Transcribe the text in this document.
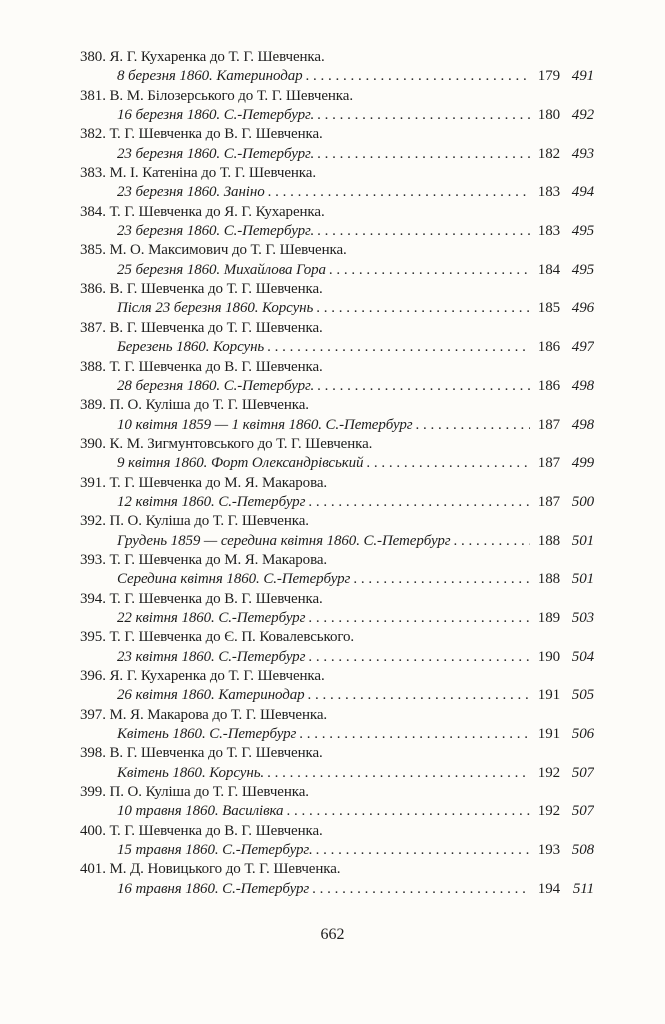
380. Я. Г. Кухаренка до Т. Г. Шевченка.
8 березня 1860. Катеринодар . . .	179 491
381. В. М. Білозерського до Т. Г. Шевченка.
16 березня 1860. С.-Петербург. . . .	180 492
382. Т. Г. Шевченка до В. Г. Шевченка.
23 березня 1860. С.-Петербург. . . .	182 493
383. М. І. Катеніна до Т. Г. Шевченка.
23 березня 1860. Заніно . . .	183 494
384. Т. Г. Шевченка до Я. Г. Кухаренка.
23 березня 1860. С.-Петербург. . . .	183 495
385. М. О. Максимович до Т. Г. Шевченка.
25 березня 1860. Михайлова Гора . . .	184 495
386. В. Г. Шевченка до Т. Г. Шевченка.
Після 23 березня 1860. Корсунь . . .	185 496
387. В. Г. Шевченка до Т. Г. Шевченка.
Березень 1860. Корсунь . . .	186 497
388. Т. Г. Шевченка до В. Г. Шевченка.
28 березня 1860. С.-Петербург. . . .	186 498
389. П. О. Куліша до Т. Г. Шевченка.
10 квітня 1859 — 1 квітня 1860. С.-Петербург . . .	187 498
390. К. М. Зигмунтовського до Т. Г. Шевченка.
9 квітня 1860. Форт Олександрівський . . .	187 499
391. Т. Г. Шевченка до М. Я. Макарова.
12 квітня 1860. С.-Петербург . . .	187 500
392. П. О. Куліша до Т. Г. Шевченка.
Грудень 1859 — середина квітня 1860. С.-Петербург . . .	188 501
393. Т. Г. Шевченка до М. Я. Макарова.
Середина квітня 1860. С.-Петербург . . .	188 501
394. Т. Г. Шевченка до В. Г. Шевченка.
22 квітня 1860. С.-Петербург . . .	189 503
395. Т. Г. Шевченка до Є. П. Ковалевського.
23 квітня 1860. С.-Петербург . . .	190 504
396. Я. Г. Кухаренка до Т. Г. Шевченка.
26 квітня 1860. Катеринодар . . .	191 505
397. М. Я. Макарова до Т. Г. Шевченка.
Квітень 1860. С.-Петербург . . .	191 506
398. В. Г. Шевченка до Т. Г. Шевченка.
Квітень 1860. Корсунь. . . .	192 507
399. П. О. Куліша до Т. Г. Шевченка.
10 травня 1860. Василівка . . .	192 507
400. Т. Г. Шевченка до В. Г. Шевченка.
15 травня 1860. С.-Петербург. . . .	193 508
401. М. Д. Новицького до Т. Г. Шевченка.
16 травня 1860. С.-Петербург . . .	194 511
662
